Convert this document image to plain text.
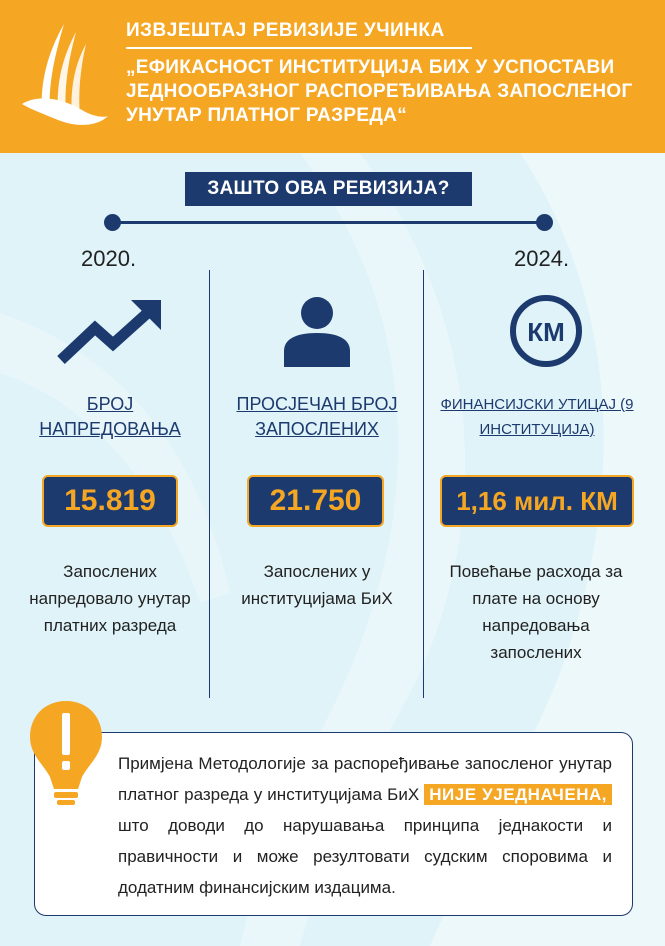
ИЗВЈЕШТАЈ РЕВИЗИЈЕ УЧИНКА
„ЕФИКАСНОСТ ИНСТИТУЦИЈА БИХ У УСПОСТАВИ ЈЕДНООБРАЗНОГ РАСПОРЕЂИВАЊА ЗАПОСЛЕНОГ УНУТАР ПЛАТНОГ РАЗРЕДА“
ЗАШТО ОВА РЕВИЗИЈА?
2020.	2024.
БРОЈ НАПРЕДОВАЊА
15.819
Запослених напредовало унутар платних разреда
ПРОСЈЕЧАН БРОЈ ЗАПОСЛЕНИХ
21.750
Запослених у институцијама БиХ
КМ
ФИНАНСИЈСКИ УТИЦАЈ (9 ИНСТИТУЦИЈА)
1,16 мил. КМ
Повећање расхода за плате на основу напредовања запослених
Примјена Методологије за распоређивање запосленог унутар платног разреда у институцијама БиХ НИЈЕ УЈЕДНАЧЕНА, што доводи до нарушавања принципа једнакости и правичности и може резултовати судским споровима и додатним финансијским издацима.
